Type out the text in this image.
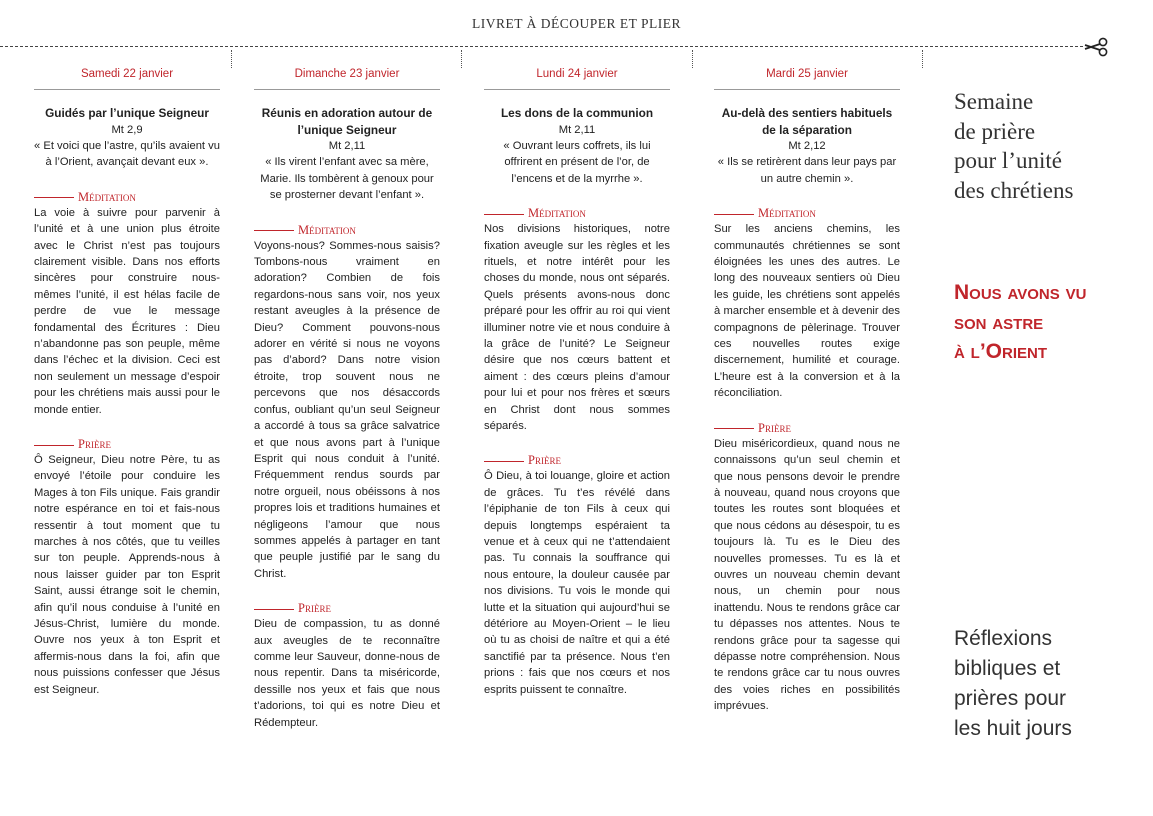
LIVRET À DÉCOUPER ET PLIER
Samedi 22 janvier
Guidés par l’unique Seigneur
Mt 2,9
« Et voici que l’astre, qu’ils avaient vu à l’Orient, avançait devant eux ».
Méditation
La voie à suivre pour parvenir à l’unité et à une union plus étroite avec le Christ n’est pas toujours clairement visible. Dans nos efforts sincères pour construire nous-mêmes l’unité, il est hélas facile de perdre de vue le message fondamental des Écritures : Dieu n’abandonne pas son peuple, même dans l’échec et la division. Ceci est non seulement un message d’espoir pour les chrétiens mais aussi pour le monde entier.
Prière
Ô Seigneur, Dieu notre Père, tu as envoyé l’étoile pour conduire les Mages à ton Fils unique. Fais grandir notre espérance en toi et fais-nous ressentir à tout moment que tu marches à nos côtés, que tu veilles sur ton peuple. Apprends-nous à nous laisser guider par ton Esprit Saint, aussi étrange soit le chemin, afin qu’il nous conduise à l’unité en Jésus-Christ, lumière du monde. Ouvre nos yeux à ton Esprit et affermis-nous dans la foi, afin que nous puissions confesser que Jésus est Seigneur.
Dimanche 23 janvier
Réunis en adoration autour de l’unique Seigneur
Mt 2,11
« Ils virent l’enfant avec sa mère, Marie. Ils tombèrent à genoux pour se prosterner devant l’enfant ».
Méditation
Voyons-nous? Sommes-nous saisis? Tombons-nous vraiment en adoration? Combien de fois regardons-nous sans voir, nos yeux restant aveugles à la présence de Dieu? Comment pouvons-nous adorer en vérité si nous ne voyons pas d’abord? Dans notre vision étroite, trop souvent nous ne percevons que nos désaccords confus, oubliant qu’un seul Seigneur a accordé à tous sa grâce salvatrice et que nous avons part à l’unique Esprit qui nous conduit à l’unité. Fréquemment rendus sourds par notre orgueil, nous obéissons à nos propres lois et traditions humaines et négligeons l’amour que nous sommes appelés à partager en tant que peuple justifié par le sang du Christ.
Prière
Dieu de compassion, tu as donné aux aveugles de te reconnaître comme leur Sauveur, donne-nous de nous repentir. Dans ta miséricorde, dessille nos yeux et fais que nous t’adorions, toi qui es notre Dieu et Rédempteur.
Lundi 24 janvier
Les dons de la communion
Mt 2,11
« Ouvrant leurs coffrets, ils lui offrirent en présent de l’or, de l’encens et de la myrrhe ».
Méditation
Nos divisions historiques, notre fixation aveugle sur les règles et les rituels, et notre intérêt pour les choses du monde, nous ont séparés. Quels présents avons-nous donc préparé pour les offrir au roi qui vient illuminer notre vie et nous conduire à la grâce de l’unité? Le Seigneur désire que nos cœurs battent et aiment : des cœurs pleins d’amour pour lui et pour nos frères et sœurs en Christ dont nous sommes séparés.
Prière
Ô Dieu, à toi louange, gloire et action de grâces. Tu t’es révélé dans l’épiphanie de ton Fils à ceux qui depuis longtemps espéraient ta venue et à ceux qui ne t’attendaient pas. Tu connais la souffrance qui nous entoure, la douleur causée par nos divisions. Tu vois le monde qui lutte et la situation qui aujourd’hui se détériore au Moyen-Orient – le lieu où tu as choisi de naître et qui a été sanctifié par ta présence. Nous t’en prions : fais que nos cœurs et nos esprits puissent te connaître.
Mardi 25 janvier
Au-delà des sentiers habituels de la séparation
Mt 2,12
« Ils se retirèrent dans leur pays par un autre chemin ».
Méditation
Sur les anciens chemins, les communautés chrétiennes se sont éloignées les unes des autres. Le long des nouveaux sentiers où Dieu les guide, les chrétiens sont appelés à marcher ensemble et à devenir des compagnons de pèlerinage. Trouver ces nouvelles routes exige discernement, humilité et courage. L’heure est à la conversion et à la réconciliation.
Prière
Dieu miséricordieux, quand nous ne connaissons qu’un seul chemin et que nous pensons devoir le prendre à nouveau, quand nous croyons que toutes les routes sont bloquées et que nous cédons au désespoir, tu es toujours là. Tu es le Dieu des nouvelles promesses. Tu es là et ouvres un nouveau chemin devant nous, un chemin pour nous inattendu. Nous te rendons grâce car tu dépasses nos attentes. Nous te rendons grâce pour ta sagesse qui dépasse notre compréhension. Nous te rendons grâce car tu nous ouvres des voies riches en possibilités imprévues.
Semaine
de prière
pour l’unité
des chrétiens
Nous avons vu
son astre
à l’Orient
Réflexions
bibliques et
prières pour
les huit jours
